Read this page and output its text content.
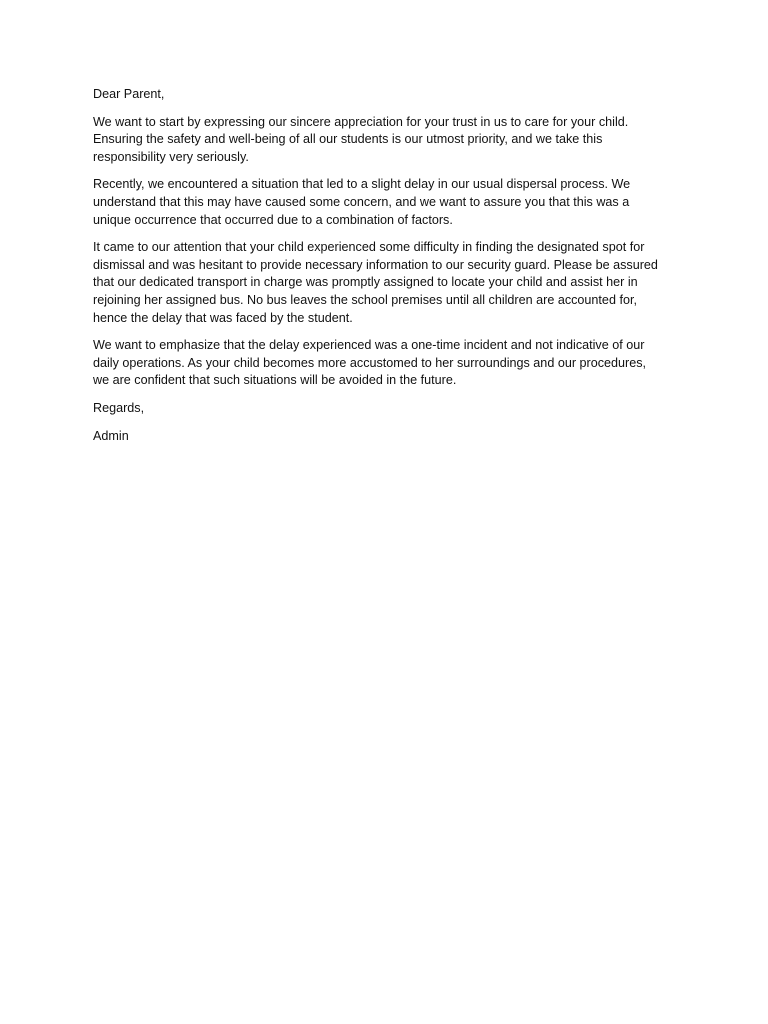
Dear Parent,
We want to start by expressing our sincere appreciation for your trust in us to care for your child.
Ensuring the safety and well-being of all our students is our utmost priority, and we take this
responsibility very seriously.
Recently, we encountered a situation that led to a slight delay in our usual dispersal process. We
understand that this may have caused some concern, and we want to assure you that this was a
unique occurrence that occurred due to a combination of factors.
It came to our attention that your child experienced some difficulty in finding the designated spot for
dismissal and was hesitant to provide necessary information to our security guard. Please be assured
that our dedicated transport in charge was promptly assigned to locate your child and assist her in
rejoining her assigned bus. No bus leaves the school premises until all children are accounted for,
hence the delay that was faced by the student.
We want to emphasize that the delay experienced was a one-time incident and not indicative of our
daily operations. As your child becomes more accustomed to her surroundings and our procedures,
we are confident that such situations will be avoided in the future.
Regards,
Admin
